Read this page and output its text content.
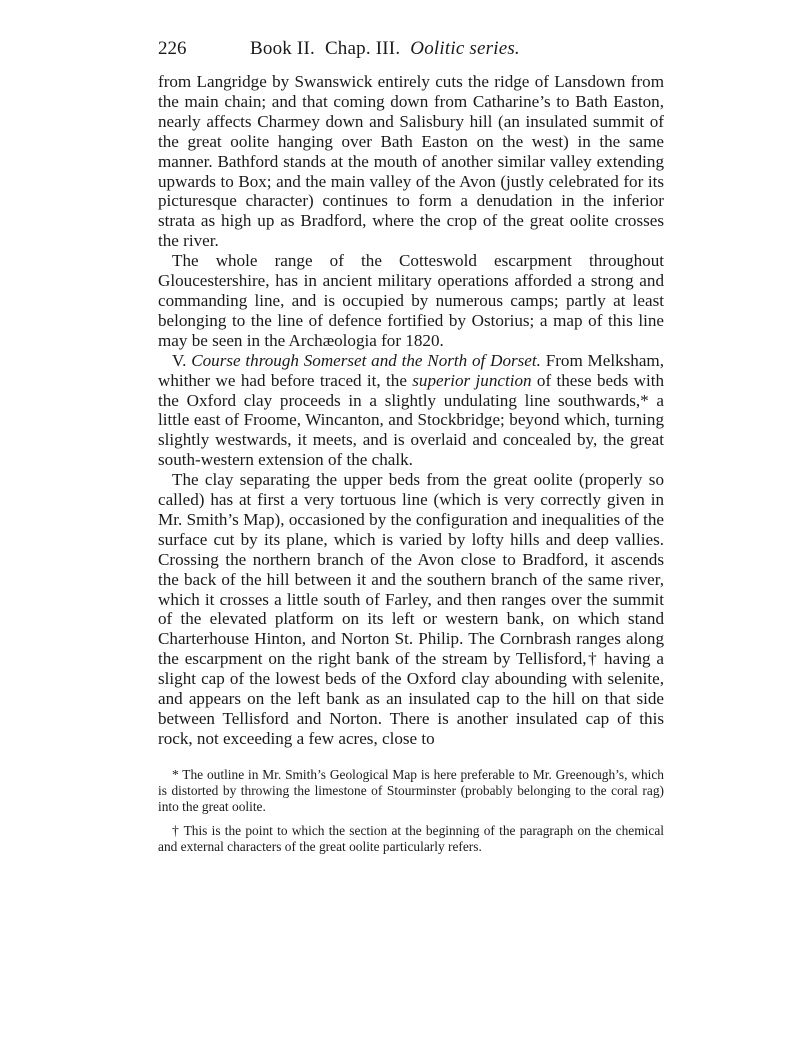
226	Book II. Chap. III. Oolitic series.

from Langridge by Swanswick entirely cuts the ridge of Lansdown from the main chain; and that coming down from Catharine’s to Bath Easton, nearly affects Charmey down and Salisbury hill (an insulated summit of the great oolite hanging over Bath Easton on the west) in the same manner. Bathford stands at the mouth of another similar valley extending upwards to Box; and the main valley of the Avon (justly celebrated for its picturesque character) continues to form a denudation in the inferior strata as high up as Bradford, where the crop of the great oolite crosses the river.

The whole range of the Cotteswold escarpment throughout Gloucestershire, has in ancient military operations afforded a strong and commanding line, and is occupied by numerous camps; partly at least belonging to the line of defence fortified by Ostorius; a map of this line may be seen in the Archæologia for 1820.

V. Course through Somerset and the North of Dorset. From Melksham, whither we had before traced it, the superior junction of these beds with the Oxford clay proceeds in a slightly undulating line southwards,* a little east of Froome, Wincanton, and Stockbridge; beyond which, turning slightly westwards, it meets, and is overlaid and concealed by, the great south-western extension of the chalk.

The clay separating the upper beds from the great oolite (properly so called) has at first a very tortuous line (which is very correctly given in Mr. Smith’s Map), occasioned by the configuration and inequalities of the surface cut by its plane, which is varied by lofty hills and deep vallies. Crossing the northern branch of the Avon close to Bradford, it ascends the back of the hill between it and the southern branch of the same river, which it crosses a little south of Farley, and then ranges over the summit of the elevated platform on its left or western bank, on which stand Charterhouse Hinton, and Norton St. Philip. The Cornbrash ranges along the escarpment on the right bank of the stream by Tellisford,† having a slight cap of the lowest beds of the Oxford clay abounding with selenite, and appears on the left bank as an insulated cap to the hill on that side between Tellisford and Norton. There is another insulated cap of this rock, not exceeding a few acres, close to

* The outline in Mr. Smith’s Geological Map is here preferable to Mr. Greenough’s, which is distorted by throwing the limestone of Stourminster (probably belonging to the coral rag) into the great oolite.

† This is the point to which the section at the beginning of the paragraph on the chemical and external characters of the great oolite particularly refers.
